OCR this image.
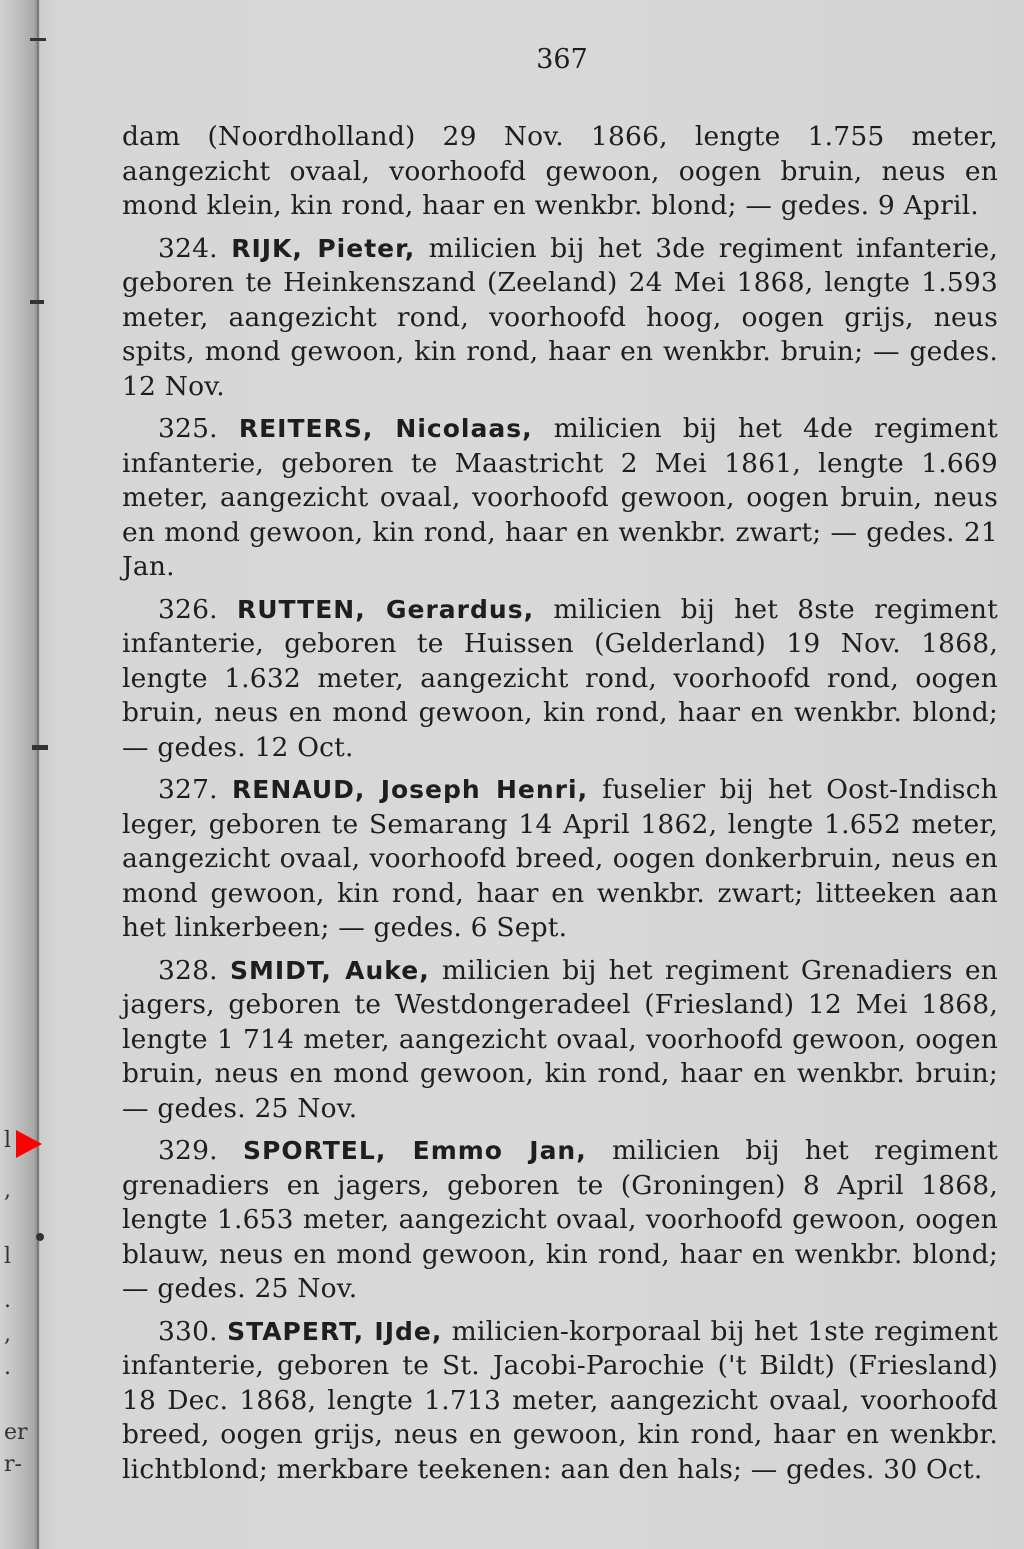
l
,
l
.
,
.
er
r-
367

dam (Noordholland) 29 Nov. 1866, lengte 1.755 meter, aangezicht ovaal, voorhoofd gewoon, oogen bruin, neus en mond klein, kin rond, haar en wenkbr. blond; — gedes. 9 April.

324. RIJK, Pieter, milicien bij het 3de regiment infanterie, geboren te Heinkenszand (Zeeland) 24 Mei 1868, lengte 1.593 meter, aangezicht rond, voorhoofd hoog, oogen grijs, neus spits, mond gewoon, kin rond, haar en wenkbr. bruin; — gedes. 12 Nov.

325. REITERS, Nicolaas, milicien bij het 4de regiment infanterie, geboren te Maastricht 2 Mei 1861, lengte 1.669 meter, aangezicht ovaal, voorhoofd gewoon, oogen bruin, neus en mond gewoon, kin rond, haar en wenkbr. zwart; — gedes. 21 Jan.

326. RUTTEN, Gerardus, milicien bij het 8ste regiment infanterie, geboren te Huissen (Gelderland) 19 Nov. 1868, lengte 1.632 meter, aangezicht rond, voorhoofd rond, oogen bruin, neus en mond gewoon, kin rond, haar en wenkbr. blond; — gedes. 12 Oct.

327. RENAUD, Joseph Henri, fuselier bij het Oost-Indisch leger, geboren te Semarang 14 April 1862, lengte 1.652 meter, aangezicht ovaal, voorhoofd breed, oogen donkerbruin, neus en mond gewoon, kin rond, haar en wenkbr. zwart; litteeken aan het linkerbeen; — gedes. 6 Sept.

328. SMIDT, Auke, milicien bij het regiment Grenadiers en jagers, geboren te Westdongeradeel (Friesland) 12 Mei 1868, lengte 1 714 meter, aangezicht ovaal, voorhoofd gewoon, oogen bruin, neus en mond gewoon, kin rond, haar en wenkbr. bruin; — gedes. 25 Nov.

329. SPORTEL, Emmo Jan, milicien bij het regiment grenadiers en jagers, geboren te (Groningen) 8 April 1868, lengte 1.653 meter, aangezicht ovaal, voorhoofd gewoon, oogen blauw, neus en mond gewoon, kin rond, haar en wenkbr. blond; — gedes. 25 Nov.

330. STAPERT, IJde, milicien-korporaal bij het 1ste regiment infanterie, geboren te St. Jacobi-Parochie ('t Bildt) (Friesland) 18 Dec. 1868, lengte 1.713 meter, aangezicht ovaal, voorhoofd breed, oogen grijs, neus en gewoon, kin rond, haar en wenkbr. lichtblond; merkbare teekenen: aan den hals; — gedes. 30 Oct.
